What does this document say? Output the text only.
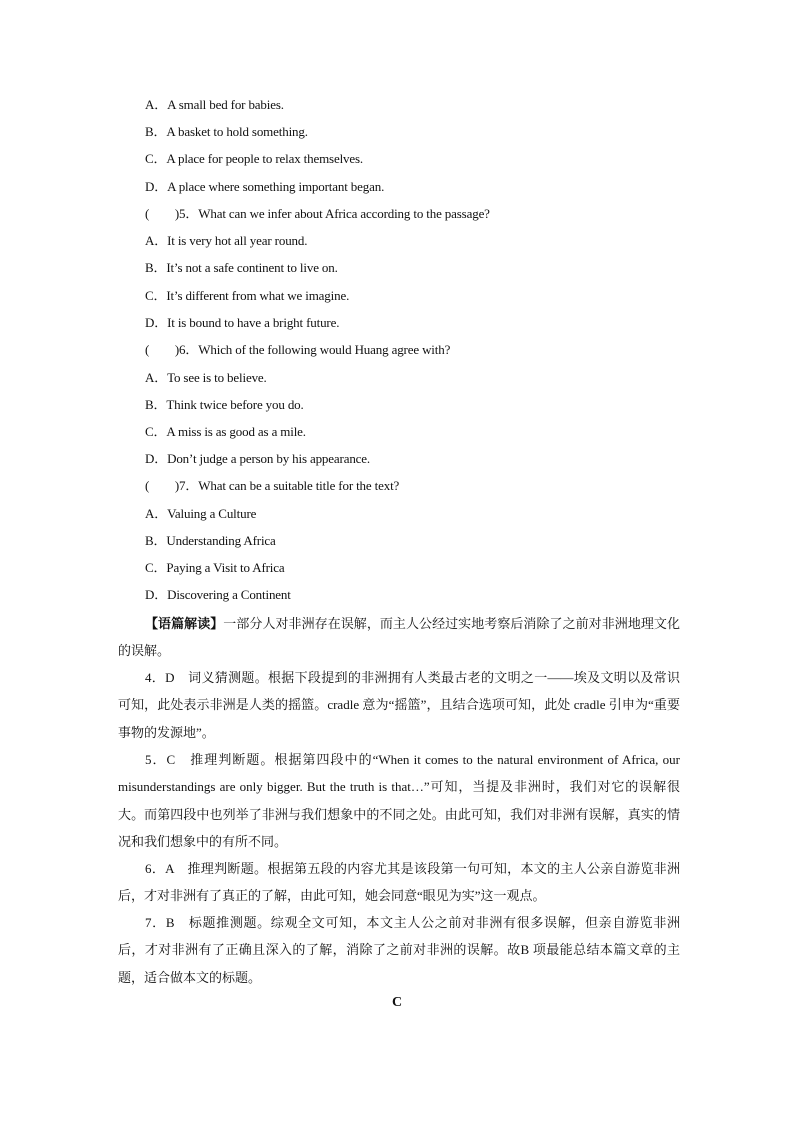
A．A small bed for babies.
B．A basket to hold something.
C．A place for people to relax themselves.
D．A place where something important began.
(　　)5．What can we infer about Africa according to the passage?
A．It is very hot all year round.
B．It’s not a safe continent to live on.
C．It’s different from what we imagine.
D．It is bound to have a bright future.
(　　)6．Which of the following would Huang agree with?
A．To see is to believe.
B．Think twice before you do.
C．A miss is as good as a mile.
D．Don’t judge a person by his appearance.
(　　)7．What can be a suitable title for the text?
A．Valuing a Culture
B．Understanding Africa
C．Paying a Visit to Africa
D．Discovering a Continent
【语篇解读】一部分人对非洲存在误解，而主人公经过实地考察后消除了之前对非洲地理文化的误解。
4．D　词义猜测题。根据下段提到的非洲拥有人类最古老的文明之一——埃及文明以及常识可知，此处表示非洲是人类的摇篮。cradle 意为“摇篮”，且结合选项可知，此处 cradle 引申为“重要事物的发源地”。
5．C　推理判断题。根据第四段中的“When it comes to the natural environment of Africa, our misunderstandings are only bigger. But the truth is that…”可知，当提及非洲时，我们对它的误解很大。而第四段中也列举了非洲与我们想象中的不同之处。由此可知，我们对非洲有误解，真实的情况和我们想象中的有所不同。
6．A　推理判断题。根据第五段的内容尤其是该段第一句可知，本文的主人公亲自游览非洲后，才对非洲有了真正的了解，由此可知，她会同意“眼见为实”这一观点。
7．B　标题推测题。综观全文可知，本文主人公之前对非洲有很多误解，但亲自游览非洲后，才对非洲有了正确且深入的了解，消除了之前对非洲的误解。故B 项最能总结本篇文章的主题，适合做本文的标题。
C
